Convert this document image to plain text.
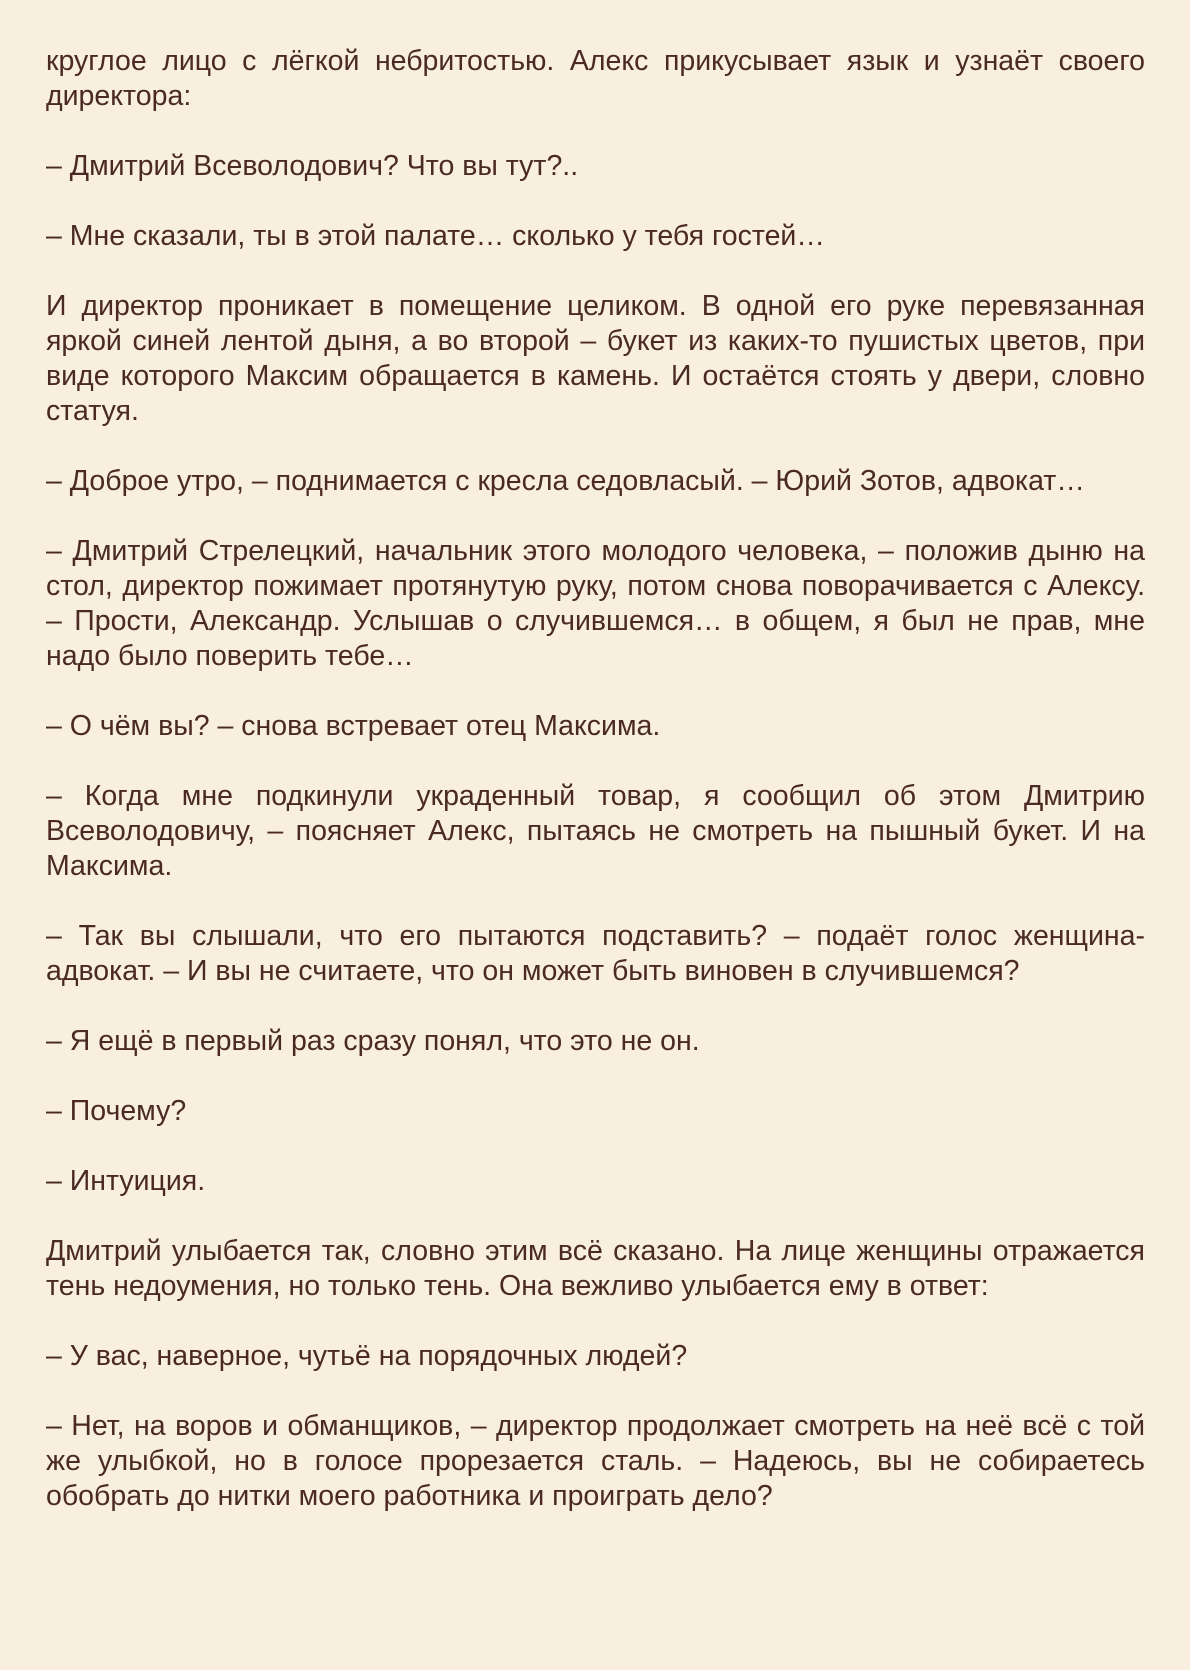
круглое лицо с лёгкой небритостью. Алекс прикусывает язык и узнаёт своего директора:

– Дмитрий Всеволодович? Что вы тут?..

– Мне сказали, ты в этой палате… сколько у тебя гостей…

И директор проникает в помещение целиком. В одной его руке перевязанная яркой синей лентой дыня, а во второй – букет из каких-то пушистых цветов, при виде которого Максим обращается в камень. И остаётся стоять у двери, словно статуя.

– Доброе утро, – поднимается с кресла седовласый. – Юрий Зотов, адвокат…

– Дмитрий Стрелецкий, начальник этого молодого человека, – положив дыню на стол, директор пожимает протянутую руку, потом снова поворачивается с Алексу. – Прости, Александр. Услышав о случившемся… в общем, я был не прав, мне надо было поверить тебе…

– О чём вы? – снова встревает отец Максима.

– Когда мне подкинули украденный товар, я сообщил об этом Дмитрию Всеволодовичу, – поясняет Алекс, пытаясь не смотреть на пышный букет. И на Максима.

– Так вы слышали, что его пытаются подставить? – подаёт голос женщина-адвокат. – И вы не считаете, что он может быть виновен в случившемся?

– Я ещё в первый раз сразу понял, что это не он.

– Почему?

– Интуиция.

Дмитрий улыбается так, словно этим всё сказано. На лице женщины отражается тень недоумения, но только тень. Она вежливо улыбается ему в ответ:

– У вас, наверное, чутьё на порядочных людей?

– Нет, на воров и обманщиков, – директор продолжает смотреть на неё всё с той же улыбкой, но в голосе прорезается сталь. – Надеюсь, вы не собираетесь обобрать до нитки моего работника и проиграть дело?
